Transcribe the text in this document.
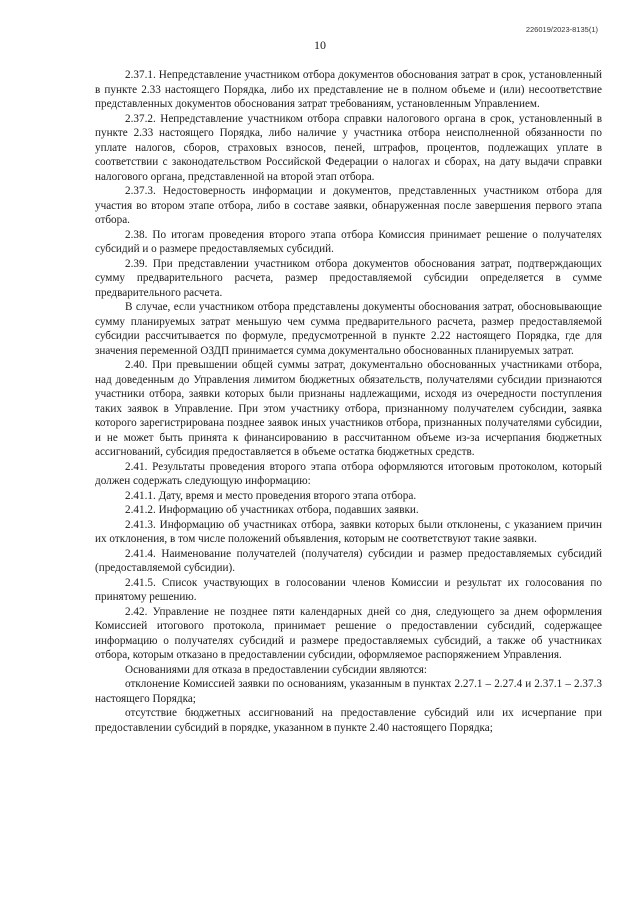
226019/2023-8135(1)
10

2.37.1. Непредставление участником отбора документов обоснования затрат в срок, установленный в пункте 2.33 настоящего Порядка, либо их представление не в полном объеме и (или) несоответствие представленных документов обоснования затрат требованиям, установленным Управлением.

2.37.2. Непредставление участником отбора справки налогового органа в срок, установленный в пункте 2.33 настоящего Порядка, либо наличие у участника отбора неисполненной обязанности по уплате налогов, сборов, страховых взносов, пеней, штрафов, процентов, подлежащих уплате в соответствии с законодательством Российской Федерации о налогах и сборах, на дату выдачи справки налогового органа, представленной на второй этап отбора.

2.37.3. Недостоверность информации и документов, представленных участником отбора для участия во втором этапе отбора, либо в составе заявки, обнаруженная после завершения первого этапа отбора.

2.38. По итогам проведения второго этапа отбора Комиссия принимает решение о получателях субсидий и о размере предоставляемых субсидий.

2.39. При представлении участником отбора документов обоснования затрат, подтверждающих сумму предварительного расчета, размер предоставляемой субсидии определяется в сумме предварительного расчета.

В случае, если участником отбора представлены документы обоснования затрат, обосновывающие сумму планируемых затрат меньшую чем сумма предварительного расчета, размер предоставляемой субсидии рассчитывается по формуле, предусмотренной в пункте 2.22 настоящего Порядка, где для значения переменной ОЗДП принимается сумма документально обоснованных планируемых затрат.

2.40. При превышении общей суммы затрат, документально обоснованных участниками отбора, над доведенным до Управления лимитом бюджетных обязательств, получателями субсидии признаются участники отбора, заявки которых были признаны надлежащими, исходя из очередности поступления таких заявок в Управление. При этом участнику отбора, признанному получателем субсидии, заявка которого зарегистрирована позднее заявок иных участников отбора, признанных получателями субсидии, и не может быть принята к финансированию в рассчитанном объеме из-за исчерпания бюджетных ассигнований, субсидия предоставляется в объеме остатка бюджетных средств.

2.41. Результаты проведения второго этапа отбора оформляются итоговым протоколом, который должен содержать следующую информацию:

2.41.1. Дату, время и место проведения второго этапа отбора.

2.41.2. Информацию об участниках отбора, подавших заявки.

2.41.3. Информацию об участниках отбора, заявки которых были отклонены, с указанием причин их отклонения, в том числе положений объявления, которым не соответствуют такие заявки.

2.41.4. Наименование получателей (получателя) субсидии и размер предоставляемых субсидий (предоставляемой субсидии).

2.41.5. Список участвующих в голосовании членов Комиссии и результат их голосования по принятому решению.

2.42. Управление не позднее пяти календарных дней со дня, следующего за днем оформления Комиссией итогового протокола, принимает решение о предоставлении субсидий, содержащее информацию о получателях субсидий и размере предоставляемых субсидий, а также об участниках отбора, которым отказано в предоставлении субсидии, оформляемое распоряжением Управления.

Основаниями для отказа в предоставлении субсидии являются:

отклонение Комиссией заявки по основаниям, указанным в пунктах 2.27.1 – 2.27.4 и 2.37.1 – 2.37.3 настоящего Порядка;

отсутствие бюджетных ассигнований на предоставление субсидий или их исчерпание при предоставлении субсидий в порядке, указанном в пункте 2.40 настоящего Порядка;
